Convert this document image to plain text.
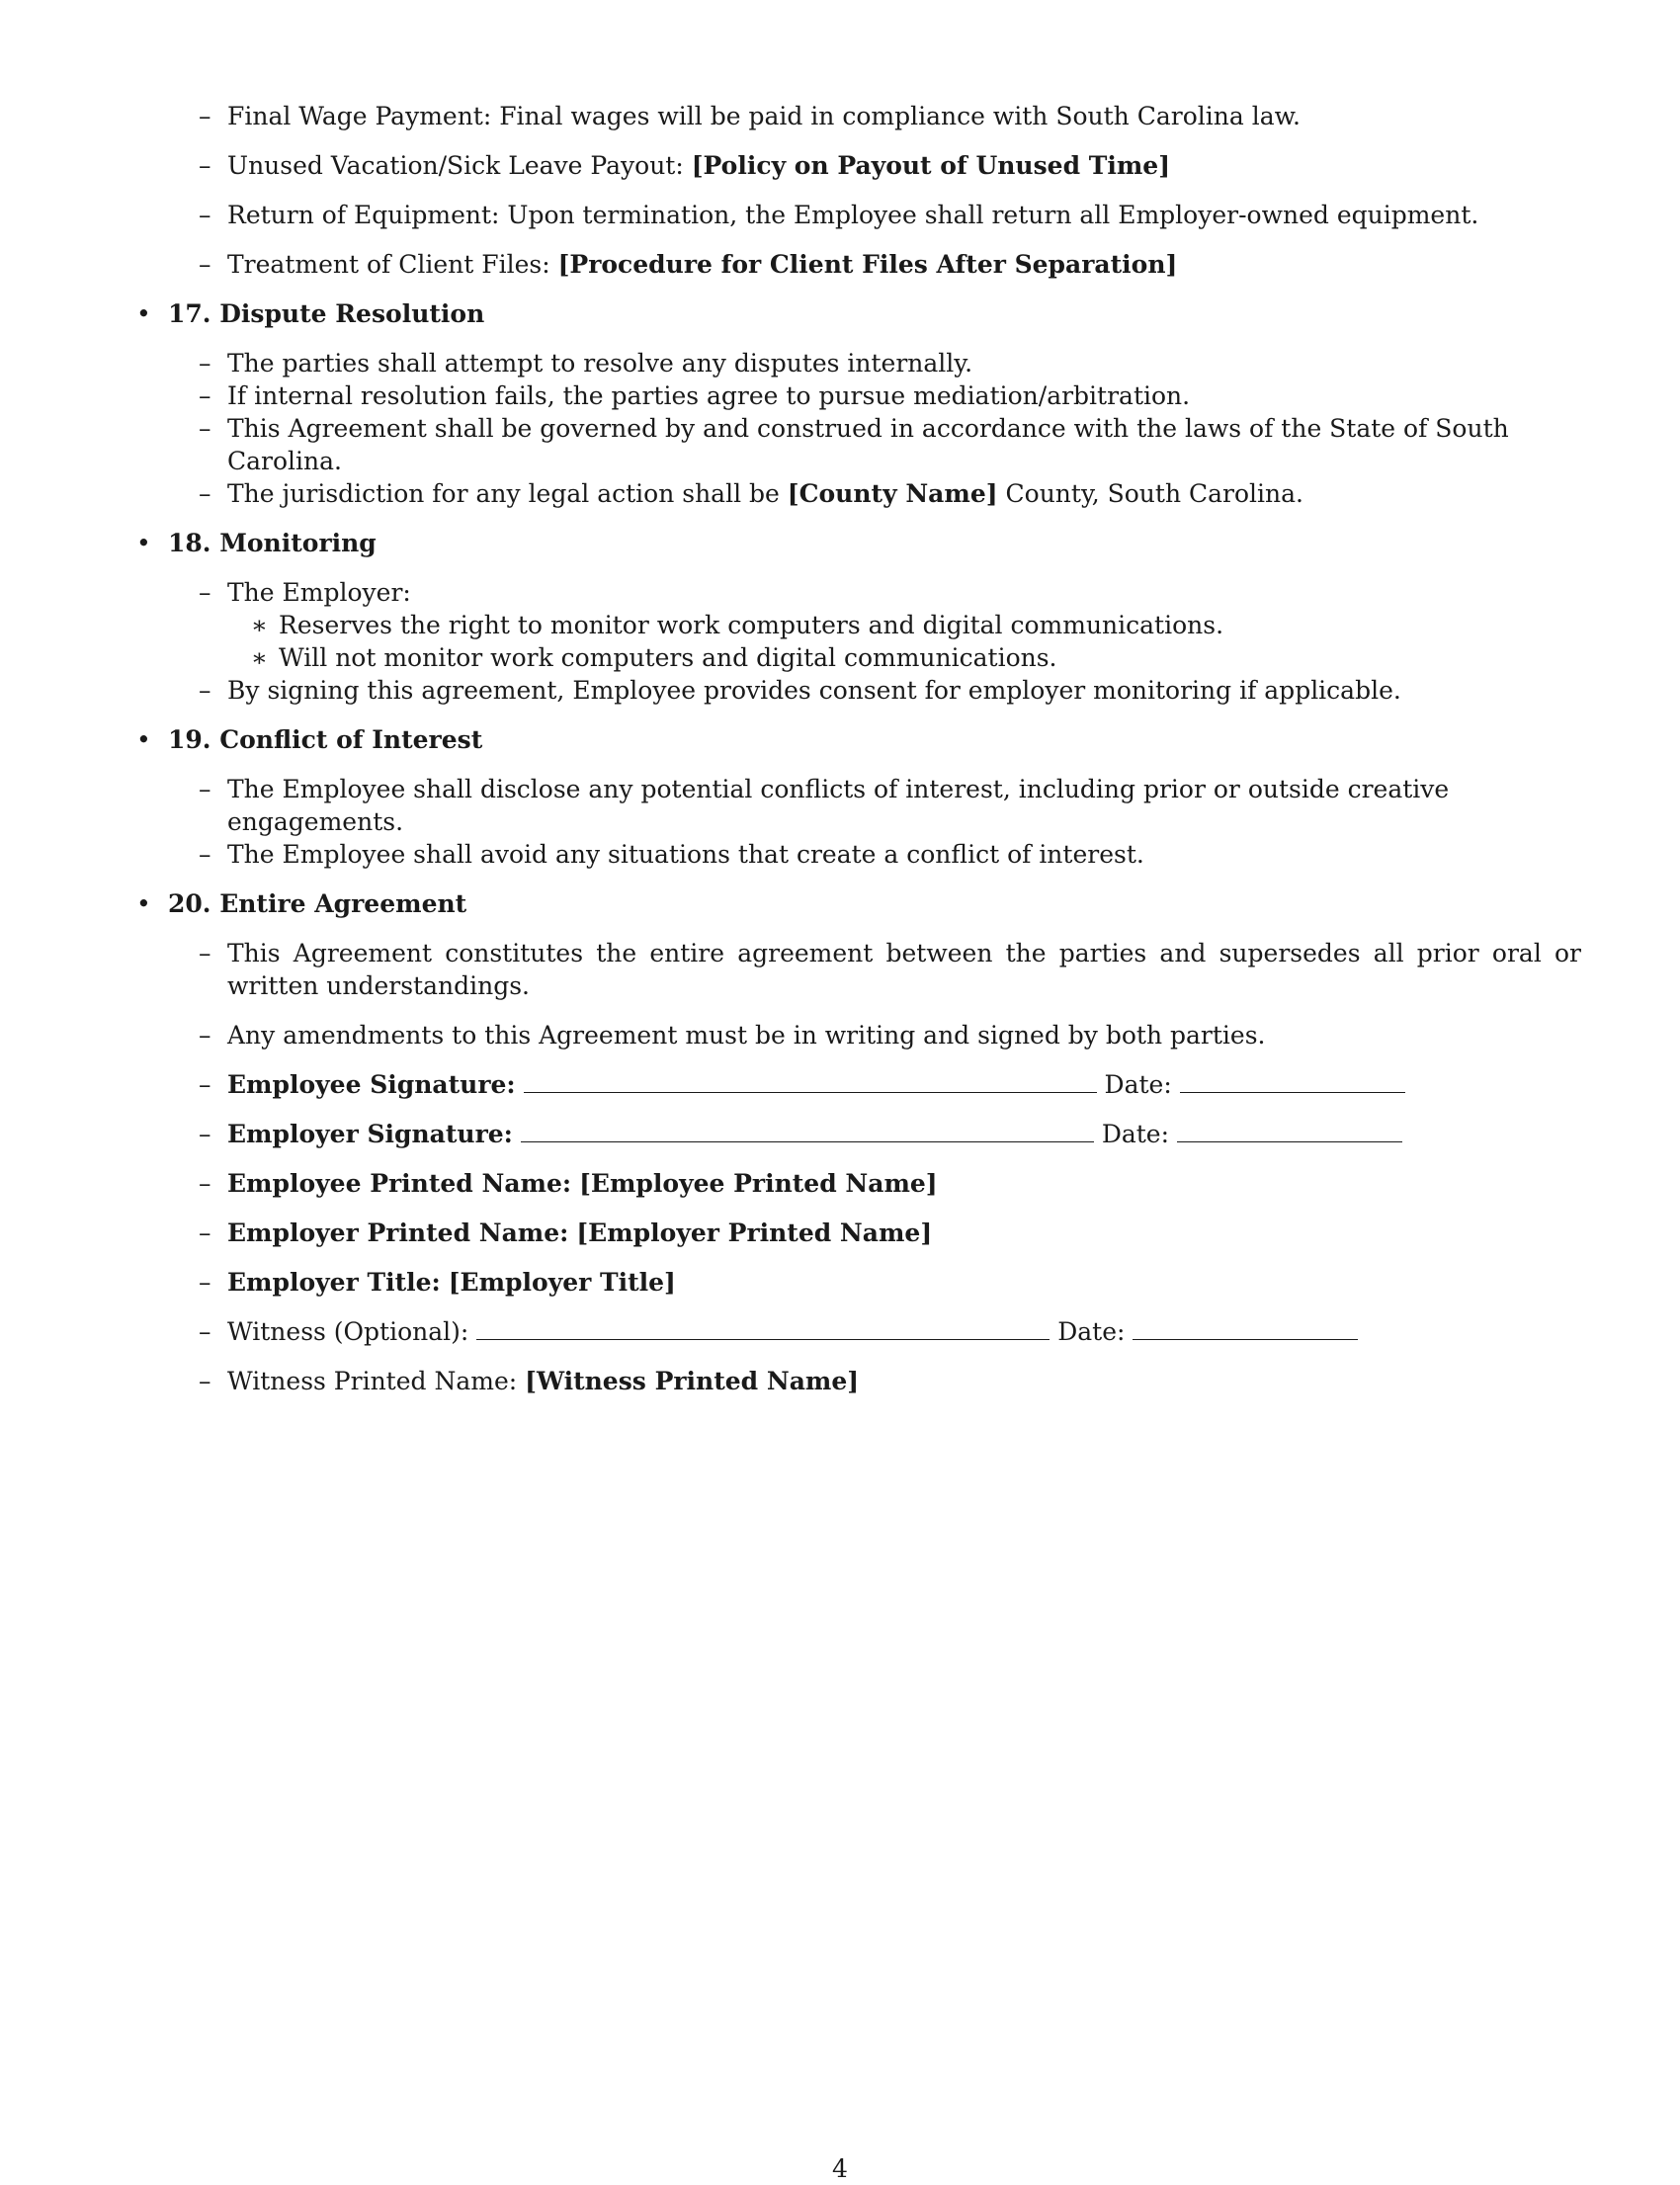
– Final Wage Payment: Final wages will be paid in compliance with South Carolina law.
– Unused Vacation/Sick Leave Payout: [Policy on Payout of Unused Time]
– Return of Equipment: Upon termination, the Employee shall return all Employer-owned equipment.
– Treatment of Client Files: [Procedure for Client Files After Separation]
• 17. Dispute Resolution
– The parties shall attempt to resolve any disputes internally.
– If internal resolution fails, the parties agree to pursue mediation/arbitration.
– This Agreement shall be governed by and construed in accordance with the laws of the State of South Carolina.
– The jurisdiction for any legal action shall be [County Name] County, South Carolina.
• 18. Monitoring
– The Employer:
∗ Reserves the right to monitor work computers and digital communications.
∗ Will not monitor work computers and digital communications.
– By signing this agreement, Employee provides consent for employer monitoring if applicable.
• 19. Conflict of Interest
– The Employee shall disclose any potential conflicts of interest, including prior or outside creative engagements.
– The Employee shall avoid any situations that create a conflict of interest.
• 20. Entire Agreement
– This Agreement constitutes the entire agreement between the parties and supersedes all prior oral or written understandings.
– Any amendments to this Agreement must be in writing and signed by both parties.
– Employee Signature:	Date:
– Employer Signature:	Date:
– Employee Printed Name: [Employee Printed Name]
– Employer Printed Name: [Employer Printed Name]
– Employer Title: [Employer Title]
– Witness (Optional):	Date:
– Witness Printed Name: [Witness Printed Name]
4
